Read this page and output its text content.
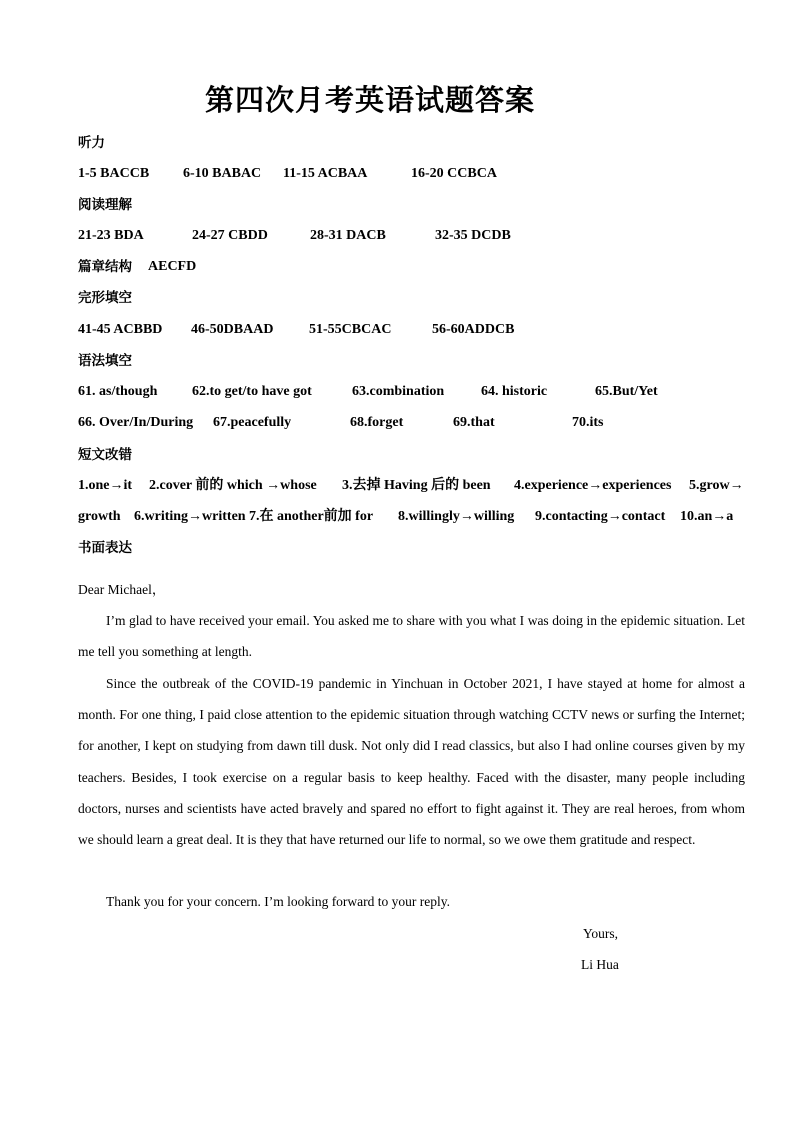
第四次月考英语试题答案
听力
1-5 BACCB 6-10 BABAC 11-15 ACBAA	16-20 CCBCA
阅读理解
21-23 BDA	24-27 CBDD	28-31 DACB	32-35 DCDB
篇章结构 AECFD
完形填空
41-45 ACBBD 46-50DBAAD	51-55CBCAC	56-60ADDCB
语法填空
61. as/though 62.to get/to have got	63.combination	64. historic	65.But/Yet
66. Over/In/During 67.peacefully	68.forget	69.that	70.its
短文改错
1.one→it 2.cover 前的 which →whose 3.去掉 Having 后的 been 4.experience→experiences 5.grow→
growth 6.writing→written 7.在 another前加 for 8.willingly→willing 9.contacting→contact 10.an→a
书面表达
Dear Michael，

I’m glad to have received your email. You asked me to share with you what I was doing in the epidemic situation. Let me tell you something at length.

Since the outbreak of the COVID-19 pandemic in Yinchuan in October 2021, I have stayed at home for almost a month. For one thing, I paid close attention to the epidemic situation through watching CCTV news or surfing the Internet; for another, I kept on studying from dawn till dusk. Not only did I read classics, but also I had online courses given by my teachers. Besides, I took exercise on a regular basis to keep healthy. Faced with the disaster, many people including doctors, nurses and scientists have acted bravely and spared no effort to fight against it. They are real heroes, from whom we should learn a great deal. It is they that have returned our life to normal, so we owe them gratitude and respect.

Thank you for your concern. I’m looking forward to your reply.

Yours,
Li Hua
